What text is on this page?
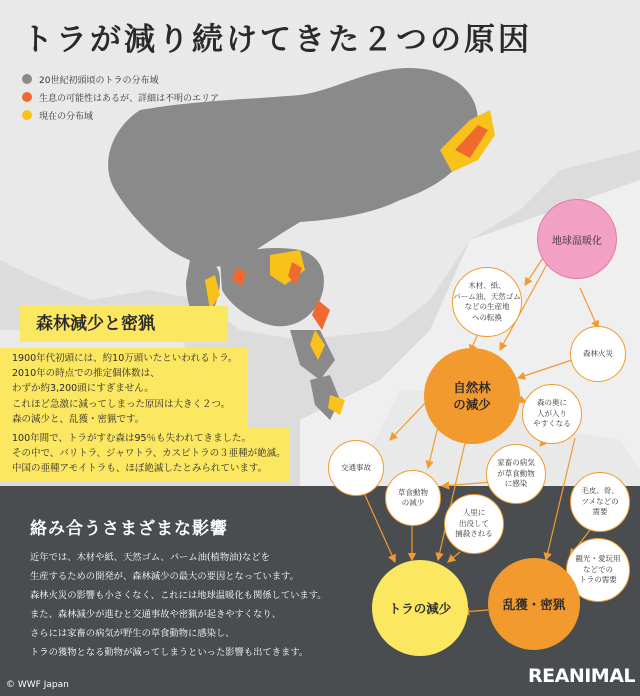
トラが減り続けてきた２つの原因
20世紀初頭頃のトラの分布域
生息の可能性はあるが、詳細は不明のエリア
現在の分布域
森林減少と密猟
1900年代初頭には、約10万頭いたといわれるトラ。
2010年の時点での推定個体数は、
わずか約3,200頭にすぎません。
これほど急激に減ってしまった原因は大きく２つ。
森の減少と、乱獲・密猟です。
100年間で、トラがすむ森は95％も失われてきました。
その中で、バリトラ、ジャワトラ、カスピトラの３亜種が絶滅。
中国の亜種アモイトラも、ほぼ絶滅したとみられています。
絡み合うさまざまな影響
近年では、木材や紙、天然ゴム、パーム油(植物油)などを
生産するための開発が、森林減少の最大の要因となっています。
森林火災の影響も小さくなく、これには地球温暖化も関係しています。
また、森林減少が進むと交通事故や密猟が起きやすくなり、
さらには家畜の病気が野生の草食動物に感染し、
トラの獲物となる動物が減ってしまうといった影響も出てきます。
地球温暖化
木材、紙、
パーム油、天然ゴム
などの生産地
への転換
森林火災
自然林
の減少	森の奥に
人が入り
やすくなる
交通事故	家畜の病気
が草食動物
に感染
草食動物
の減少
人里に
出没して
捕殺される
毛皮、骨、
ツメなどの
需要
観光・愛玩用
などでの
トラの需要
トラの減少	乱獲・密猟
© WWF Japan	REANIMAL
